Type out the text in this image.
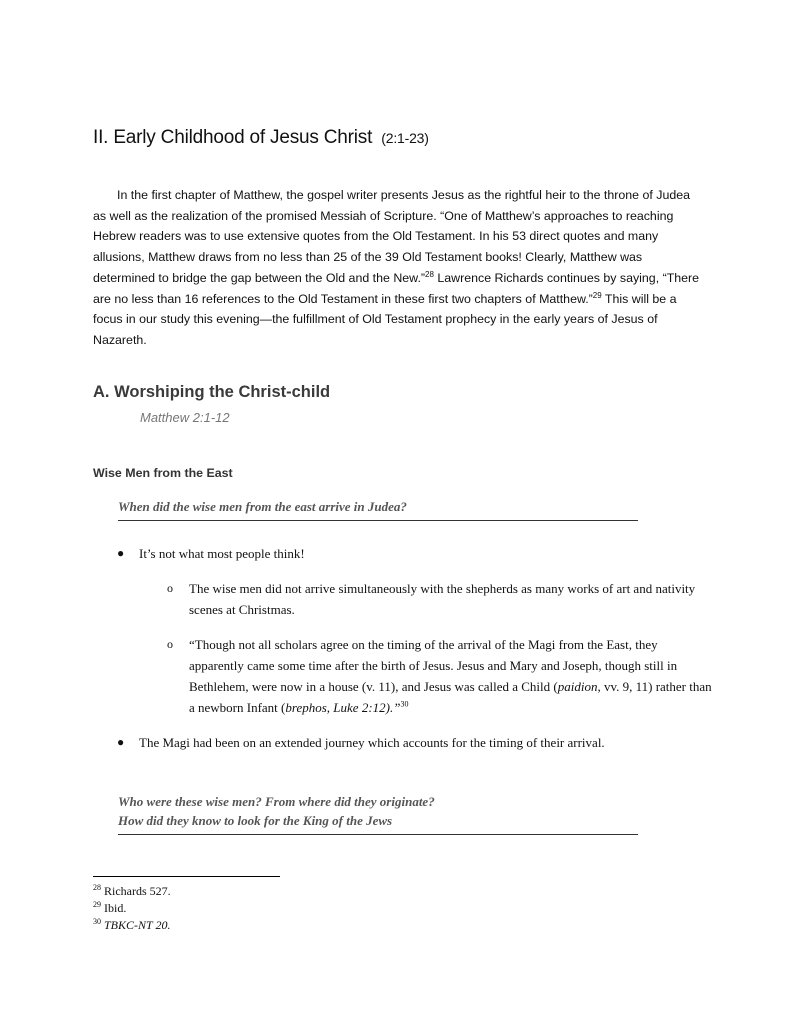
II. Early Childhood of Jesus Christ (2:1-23)
In the first chapter of Matthew, the gospel writer presents Jesus as the rightful heir to the throne of Judea as well as the realization of the promised Messiah of Scripture. “One of Matthew’s approaches to reaching Hebrew readers was to use extensive quotes from the Old Testament. In his 53 direct quotes and many allusions, Matthew draws from no less than 25 of the 39 Old Testament books! Clearly, Matthew was determined to bridge the gap between the Old and the New.”$^{28}$ Lawrence Richards continues by saying, “There are no less than 16 references to the Old Testament in these first two chapters of Matthew.”$^{29}$ This will be a focus in our study this evening—the fulfillment of Old Testament prophecy in the early years of Jesus of Nazareth.
A. Worshiping the Christ-child
Matthew 2:1-12
Wise Men from the East
When did the wise men from the east arrive in Judea?
● It’s not what most people think!
o The wise men did not arrive simultaneously with the shepherds as many works of art and nativity scenes at Christmas.
o “Though not all scholars agree on the timing of the arrival of the Magi from the East, they apparently came some time after the birth of Jesus. Jesus and Mary and Joseph, though still in Bethlehem, were now in a house (v. 11), and Jesus was called a Child (paidion, vv. 9, 11) rather than a newborn Infant (brephos, Luke 2:12).”$^{30}$
● The Magi had been on an extended journey which accounts for the timing of their arrival.
Who were these wise men? From where did they originate?
How did they know to look for the King of the Jews
$^{28}$ Richards 527.
$^{29}$ Ibid.
$^{30}$ TBKC-NT 20.
